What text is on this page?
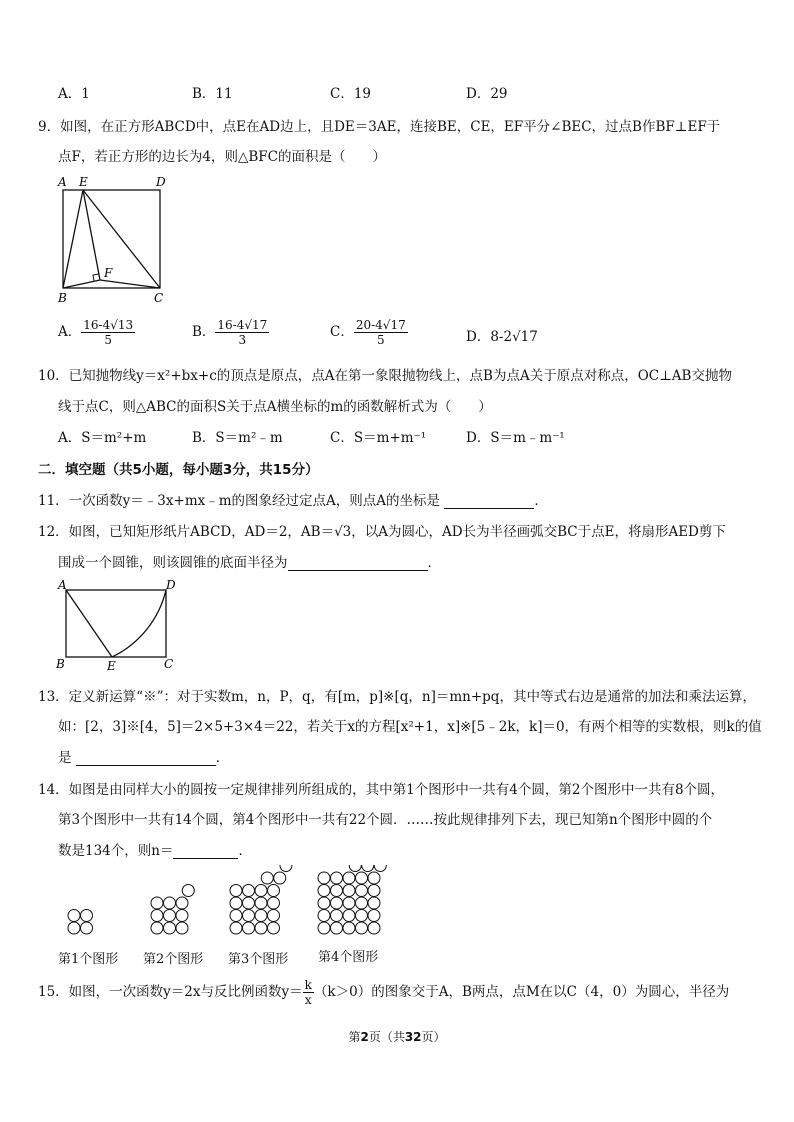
A．1	B．11	C．19	D．29
9．如图，在正方形ABCD中，点E在AD边上，且DE＝3AE，连接BE，CE，EF平分∠BEC，过点B作BF⊥EF于
点F，若正方形的边长为4，则△BFC的面积是（　　）
A E	D
F
B	C
A． $\frac{16-4√13}{5}$	B． $\frac{16-4√17}{3}$	C． $\frac{20-4√17}{5}$	D．8-2√17
10．已知抛物线y＝x²+bx+c的顶点是原点，点A在第一象限抛物线上，点B为点A关于原点对称点，OC⊥AB交抛物
线于点C，则△ABC的面积S关于点A横坐标的m的函数解析式为（　　）
A．S＝m²+m	B．S＝m²﹣m	C．S＝m+m⁻¹	D．S＝m﹣m⁻¹
二．填空题（共5小题，每小题3分，共15分）
11．一次函数y＝﹣3x+mx﹣m的图象经过定点A，则点A的坐标是	．
12．如图，已知矩形纸片ABCD，AD＝2，AB＝√3，以A为圆心，AD长为半径画弧交BC于点E，将扇形AED剪下
围成一个圆锥，则该圆锥的底面半径为	．
A	D
B	E	C
13．定义新运算“※”：对于实数m，n，P，q，有[m，p]※[q，n]＝mn+pq，其中等式右边是通常的加法和乘法运算，
如：[2，3]※[4，5]＝2×5+3×4＝22，若关于x的方程[x²+1，x]※[5﹣2k，k]＝0，有两个相等的实数根，则k的值
是	．
14．如图是由同样大小的圆按一定规律排列所组成的，其中第1个图形中一共有4个圆，第2个图形中一共有8个圆，
第3个图形中一共有14个圆，第4个图形中一共有22个圆．……按此规律排列下去，现已知第n个图形中圆的个
数是134个，则n＝	．
第1个图形 第2个图形 第3个图形 第4个图形
15．如图，一次函数y＝2x与反比例函数$y= \frac{k}{x} (k>0)$的图象交于A，B两点，点M在以C（4，0）为圆心，半径为
第2页（共32页）
